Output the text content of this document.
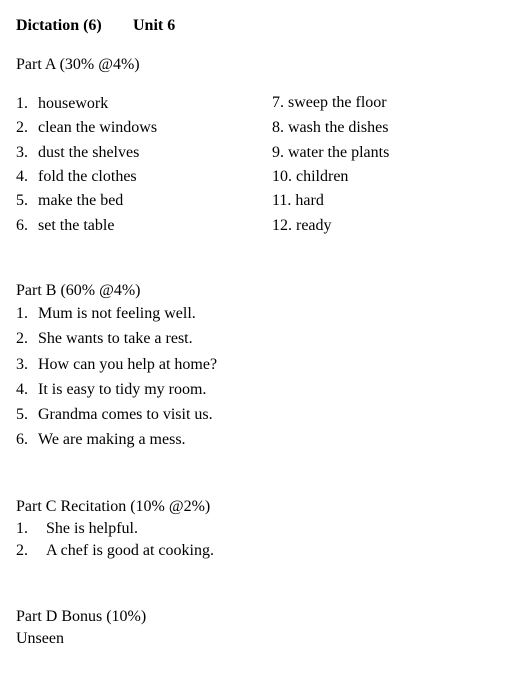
Dictation (6) Unit 6
Part A (30% @4%)
1. housework
2. clean the windows
3. dust the shelves
4. fold the clothes
5. make the bed
6. set the table
7. sweep the floor
8. wash the dishes
9. water the plants
10. children
11. hard
12. ready
Part B (60% @4%)
1. Mum is not feeling well.
2. She wants to take a rest.
3. How can you help at home?
4. It is easy to tidy my room.
5. Grandma comes to visit us.
6. We are making a mess.
Part C Recitation (10% @2%)
1. She is helpful.
2. A chef is good at cooking.
Part D Bonus (10%)
Unseen
